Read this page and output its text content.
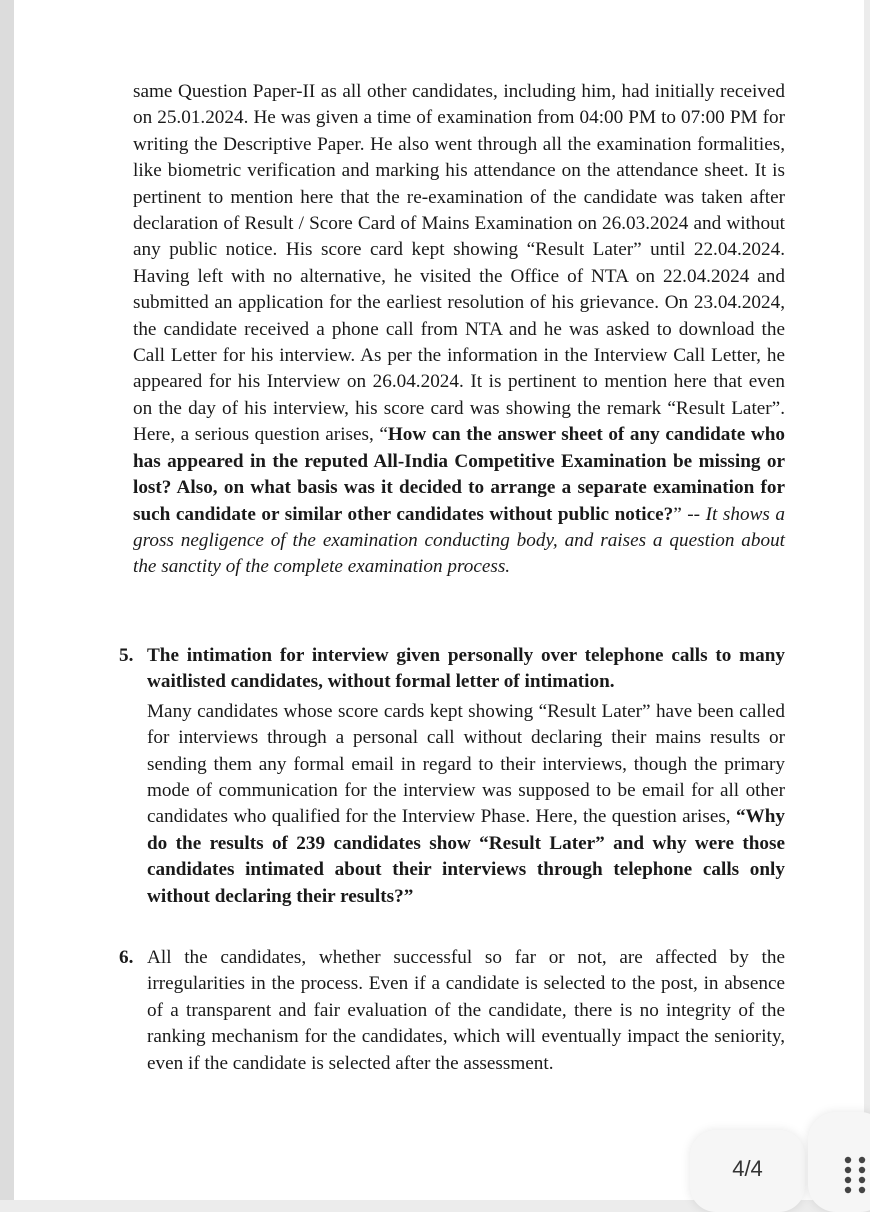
same Question Paper-II as all other candidates, including him, had initially received on 25.01.2024. He was given a time of examination from 04:00 PM to 07:00 PM for writing the Descriptive Paper. He also went through all the examination formalities, like biometric verification and marking his attendance on the attendance sheet. It is pertinent to mention here that the re-examination of the candidate was taken after declaration of Result / Score Card of Mains Examination on 26.03.2024 and without any public notice. His score card kept showing “Result Later” until 22.04.2024. Having left with no alternative, he visited the Office of NTA on 22.04.2024 and submitted an application for the earliest resolution of his grievance. On 23.04.2024, the candidate received a phone call from NTA and he was asked to download the Call Letter for his interview. As per the information in the Interview Call Letter, he appeared for his Interview on 26.04.2024. It is pertinent to mention here that even on the day of his interview, his score card was showing the remark “Result Later”. Here, a serious question arises, “How can the answer sheet of any candidate who has appeared in the reputed All-India Competitive Examination be missing or lost? Also, on what basis was it decided to arrange a separate examination for such candidate or similar other candidates without public notice?” -- It shows a gross negligence of the examination conducting body, and raises a question about the sanctity of the complete examination process.

5. The intimation for interview given personally over telephone calls to many waitlisted candidates, without formal letter of intimation.

Many candidates whose score cards kept showing “Result Later” have been called for interviews through a personal call without declaring their mains results or sending them any formal email in regard to their interviews, though the primary mode of communication for the interview was supposed to be email for all other candidates who qualified for the Interview Phase. Here, the question arises, “Why do the results of 239 candidates show “Result Later” and why were those candidates intimated about their interviews through telephone calls only without declaring their results?”

6. All the candidates, whether successful so far or not, are affected by the irregularities in the process. Even if a candidate is selected to the post, in absence of a transparent and fair evaluation of the candidate, there is no integrity of the ranking mechanism for the candidates, which will eventually impact the seniority, even if the candidate is selected after the assessment.

4/4
